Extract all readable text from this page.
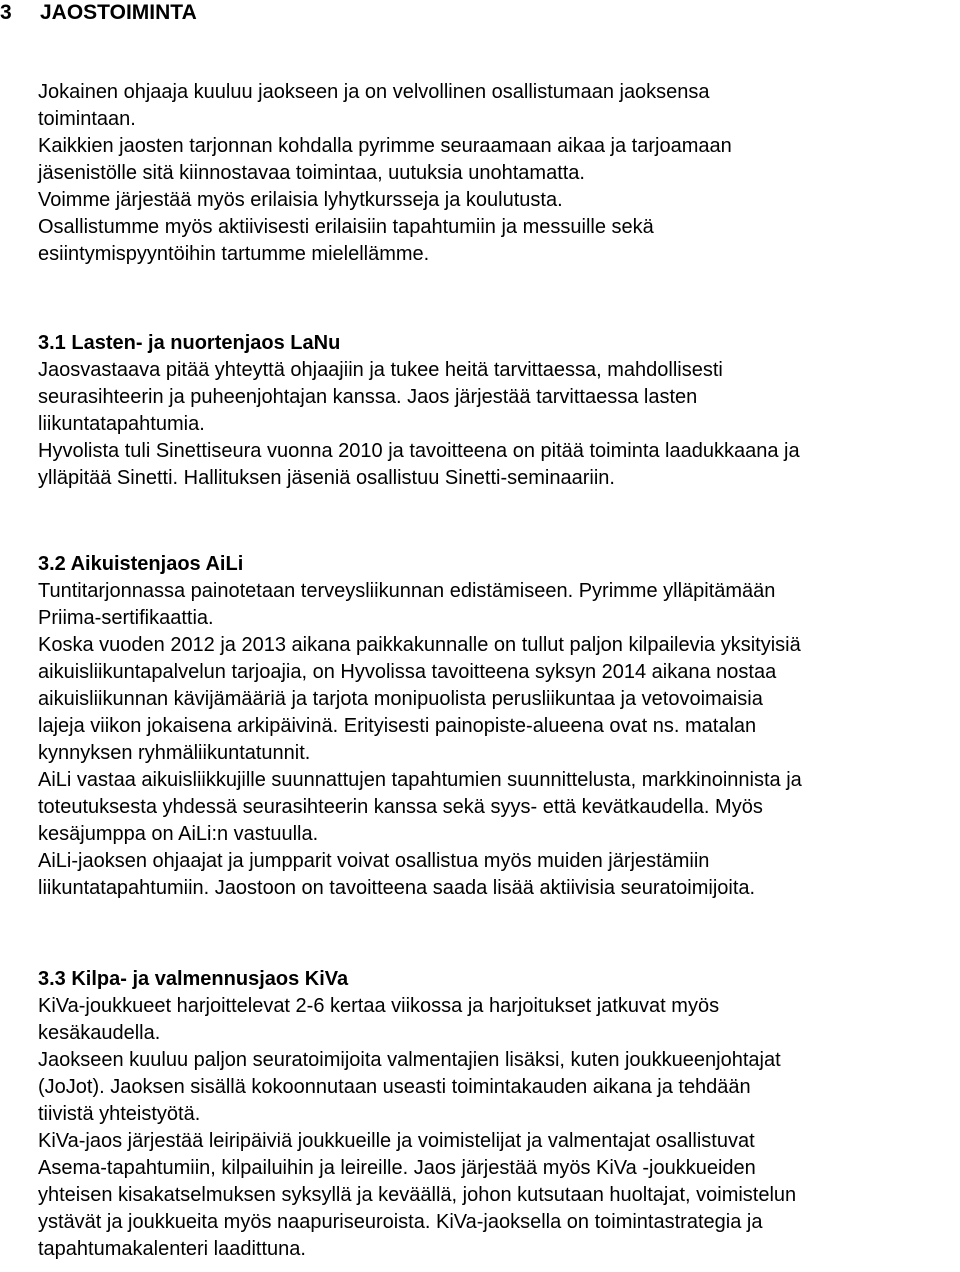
3 JAOSTOIMINTA

Jokainen ohjaaja kuuluu jaokseen ja on velvollinen osallistumaan jaoksensa

toimintaan.

Kaikkien jaosten tarjonnan kohdalla pyrimme seuraamaan aikaa ja tarjoamaan

jäsenistölle sitä kiinnostavaa toimintaa, uutuksia unohtamatta.

Voimme järjestää myös erilaisia lyhytkursseja ja koulutusta.

Osallistumme myös aktiivisesti erilaisiin tapahtumiin ja messuille sekä

esiintymispyyntöihin tartumme mielellämme.

3.1 Lasten- ja nuortenjaos LaNu

Jaosvastaava pitää yhteyttä ohjaajiin ja tukee heitä tarvittaessa, mahdollisesti

seurasihteerin ja puheenjohtajan kanssa. Jaos järjestää tarvittaessa lasten

liikuntatapahtumia.

Hyvolista tuli Sinettiseura vuonna 2010 ja tavoitteena on pitää toiminta laadukkaana ja

ylläpitää Sinetti. Hallituksen jäseniä osallistuu Sinetti-seminaariin.

3.2 Aikuistenjaos AiLi

Tuntitarjonnassa painotetaan terveysliikunnan edistämiseen. Pyrimme ylläpitämään

Priima-sertifikaattia.

Koska vuoden 2012 ja 2013 aikana paikkakunnalle on tullut paljon kilpailevia yksityisiä

aikuisliikuntapalvelun tarjoajia, on Hyvolissa tavoitteena syksyn 2014 aikana nostaa

aikuisliikunnan kävijämääriä ja tarjota monipuolista perusliikuntaa ja vetovoimaisia

lajeja viikon jokaisena arkipäivinä. Erityisesti painopiste-alueena ovat ns. matalan

kynnyksen ryhmäliikuntatunnit.

AiLi vastaa aikuisliikkujille suunnattujen tapahtumien suunnittelusta, markkinoinnista ja

toteutuksesta yhdessä seurasihteerin kanssa sekä syys- että kevätkaudella. Myös

kesäjumppa on AiLi:n vastuulla.

AiLi-jaoksen ohjaajat ja jumpparit voivat osallistua myös muiden järjestämiin

liikuntatapahtumiin. Jaostoon on tavoitteena saada lisää aktiivisia seuratoimijoita.

3.3 Kilpa- ja valmennusjaos KiVa

KiVa-joukkueet harjoittelevat 2-6 kertaa viikossa ja harjoitukset jatkuvat myös

kesäkaudella.

Jaokseen kuuluu paljon seuratoimijoita valmentajien lisäksi, kuten joukkueenjohtajat

(JoJot). Jaoksen sisällä kokoonnutaan useasti toimintakauden aikana ja tehdään

tiivistä yhteistyötä.

KiVa-jaos järjestää leiripäiviä joukkueille ja voimistelijat ja valmentajat osallistuvat

Asema-tapahtumiin, kilpailuihin ja leireille. Jaos järjestää myös KiVa -joukkueiden

yhteisen kisakatselmuksen syksyllä ja keväällä, johon kutsutaan huoltajat, voimistelun

ystävät ja joukkueita myös naapuriseuroista. KiVa-jaoksella on toimintastrategia ja

tapahtumakalenteri laadittuna.
